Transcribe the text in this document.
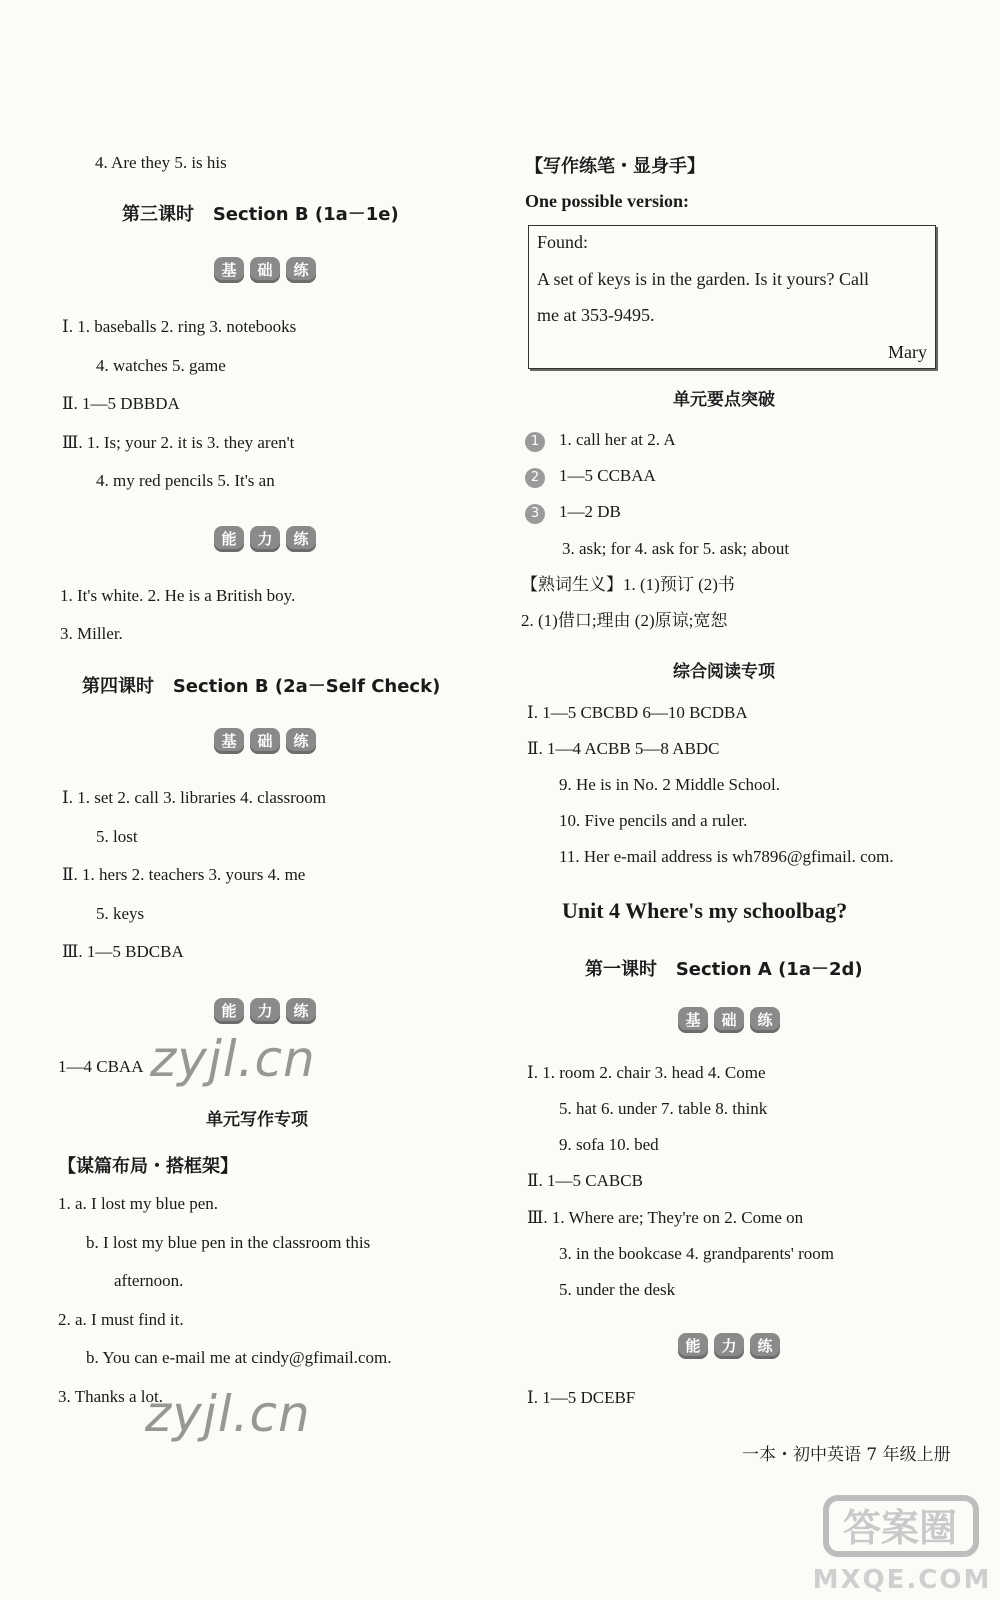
4. Are they 5. is his
第三课时 Section B (1a－1e)
基	础	练
Ⅰ. 1. baseballs 2. ring 3. notebooks
4. watches 5. game
Ⅱ. 1—5 DBBDA
Ⅲ. 1. Is; your 2. it is 3. they aren't
4. my red pencils 5. It's an
能	力	练
1. It's white. 2. He is a British boy.
3. Miller.
第四课时 Section B (2a－Self Check)
基	础	练
Ⅰ. 1. set 2. call 3. libraries 4. classroom
5. lost
Ⅱ. 1. hers 2. teachers 3. yours 4. me
5. keys
Ⅲ. 1—5 BDCBA
能	力	练
1—4 CBAA zyjl.cn
单元写作专项
【谋篇布局・搭框架】
1. a. I lost my blue pen.
b. I lost my blue pen in the classroom this
afternoon.
2. a. I must find it.
b. You can e-mail me at cindy@gfimail.com.
3. Thanks a lot.
zyjl.cn
【写作练笔・显身手】
One possible version:
Found:
A set of keys is in the garden. Is it yours? Call
me at 353-9495.
Mary
单元要点突破
1 1. call her at 2. A
2 1—5 CCBAA
3 1—2 DB
3. ask; for 4. ask for 5. ask; about
【熟词生义】1. (1)预订 (2)书
2. (1)借口;理由 (2)原谅;宽恕
综合阅读专项
Ⅰ. 1—5 CBCBD 6—10 BCDBA
Ⅱ. 1—4 ACBB 5—8 ABDC
9. He is in No. 2 Middle School.
10. Five pencils and a ruler.
11. Her e-mail address is wh7896@gfimail. com.
Unit 4 Where's my schoolbag?
第一课时 Section A (1a－2d)
基	础	练
Ⅰ. 1. room 2. chair 3. head 4. Come
5. hat 6. under 7. table 8. think
9. sofa 10. bed
Ⅱ. 1—5 CABCB
Ⅲ. 1. Where are; They're on 2. Come on
3. in the bookcase 4. grandparents' room
5. under the desk
能	力	练
Ⅰ. 1—5 DCEBF
一本・初中英语 7 年级上册
答案圈
MXQE.COM
